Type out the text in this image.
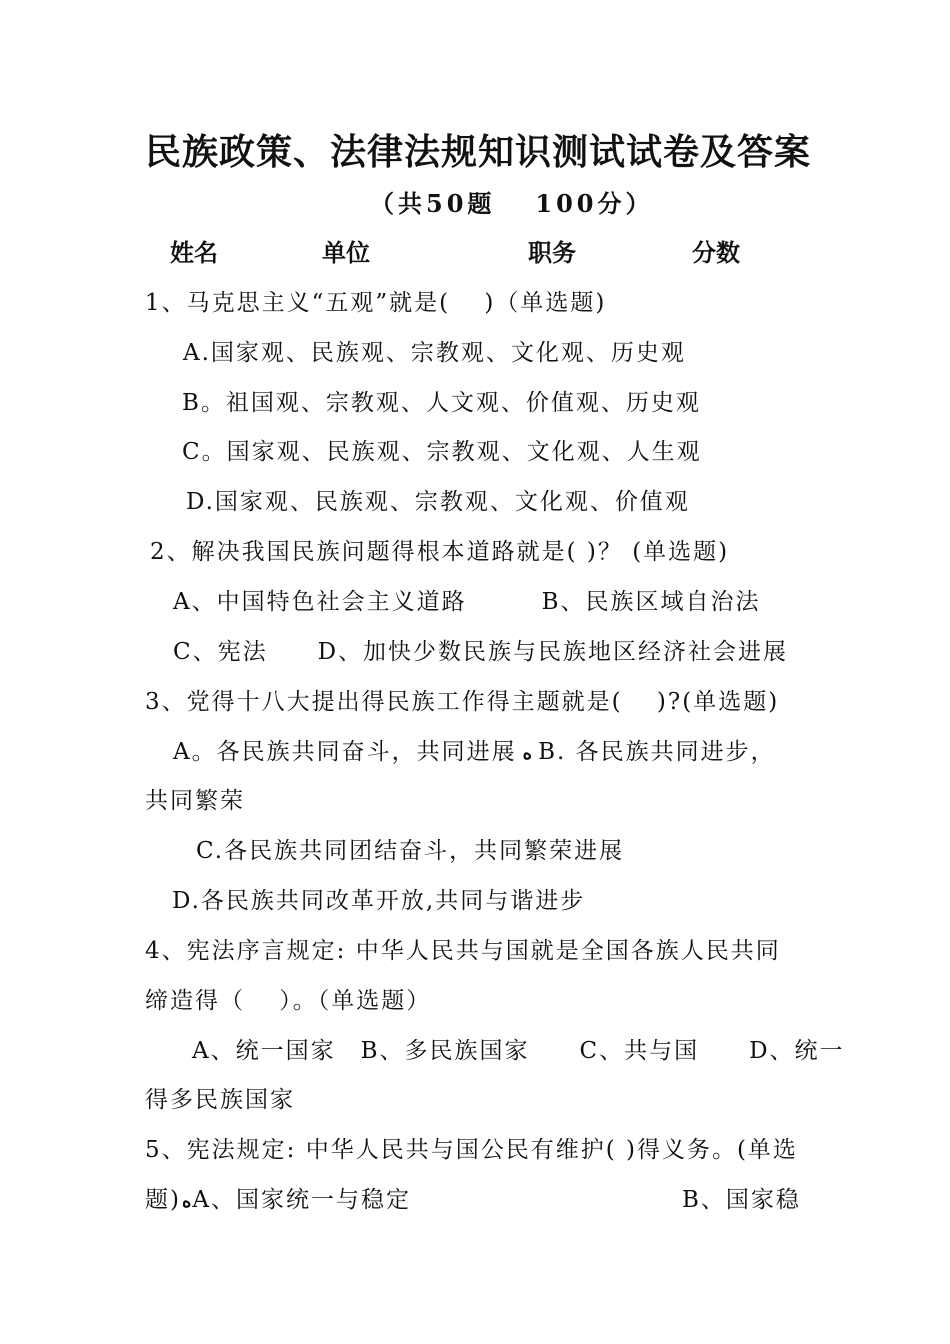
民族政策、法律法规知识测试试卷及答案
（共50题 100分）
姓名	单位	职务	分数
1、马克思主义“五观”就是(　 )（单选题)
A.国家观、民族观、宗教观、文化观、历史观
B。祖国观、宗教观、人文观、价值观、历史观
C。国家观、民族观、宗教观、文化观、人生观
D.国家观、民族观、宗教观、文化观、价值观
2、解决我国民族问题得根本道路就是( )？ (单选题)
A、中国特色社会主义道路　　　B、民族区域自治法
C、宪法　　D、加快少数民族与民族地区经济社会进展
3、党得十八大提出得民族工作得主题就是(　 )?(单选题)
A。各民族共同奋斗，共同进展 ه B. 各民族共同进步，
共同繁荣
C.各民族共同团结奋斗，共同繁荣进展
D.各民族共同改革开放,共同与谐进步
4、宪法序言规定: 中华人民共与国就是全国各族人民共同
缔造得（　 ）。（单选题）
A、统一国家　B、多民族国家　　C、共与国　　D、统一
得多民族国家
5、宪法规定: 中华人民共与国公民有维护( )得义务。(单选
题)هA、国家统一与稳定	B、国家稳
